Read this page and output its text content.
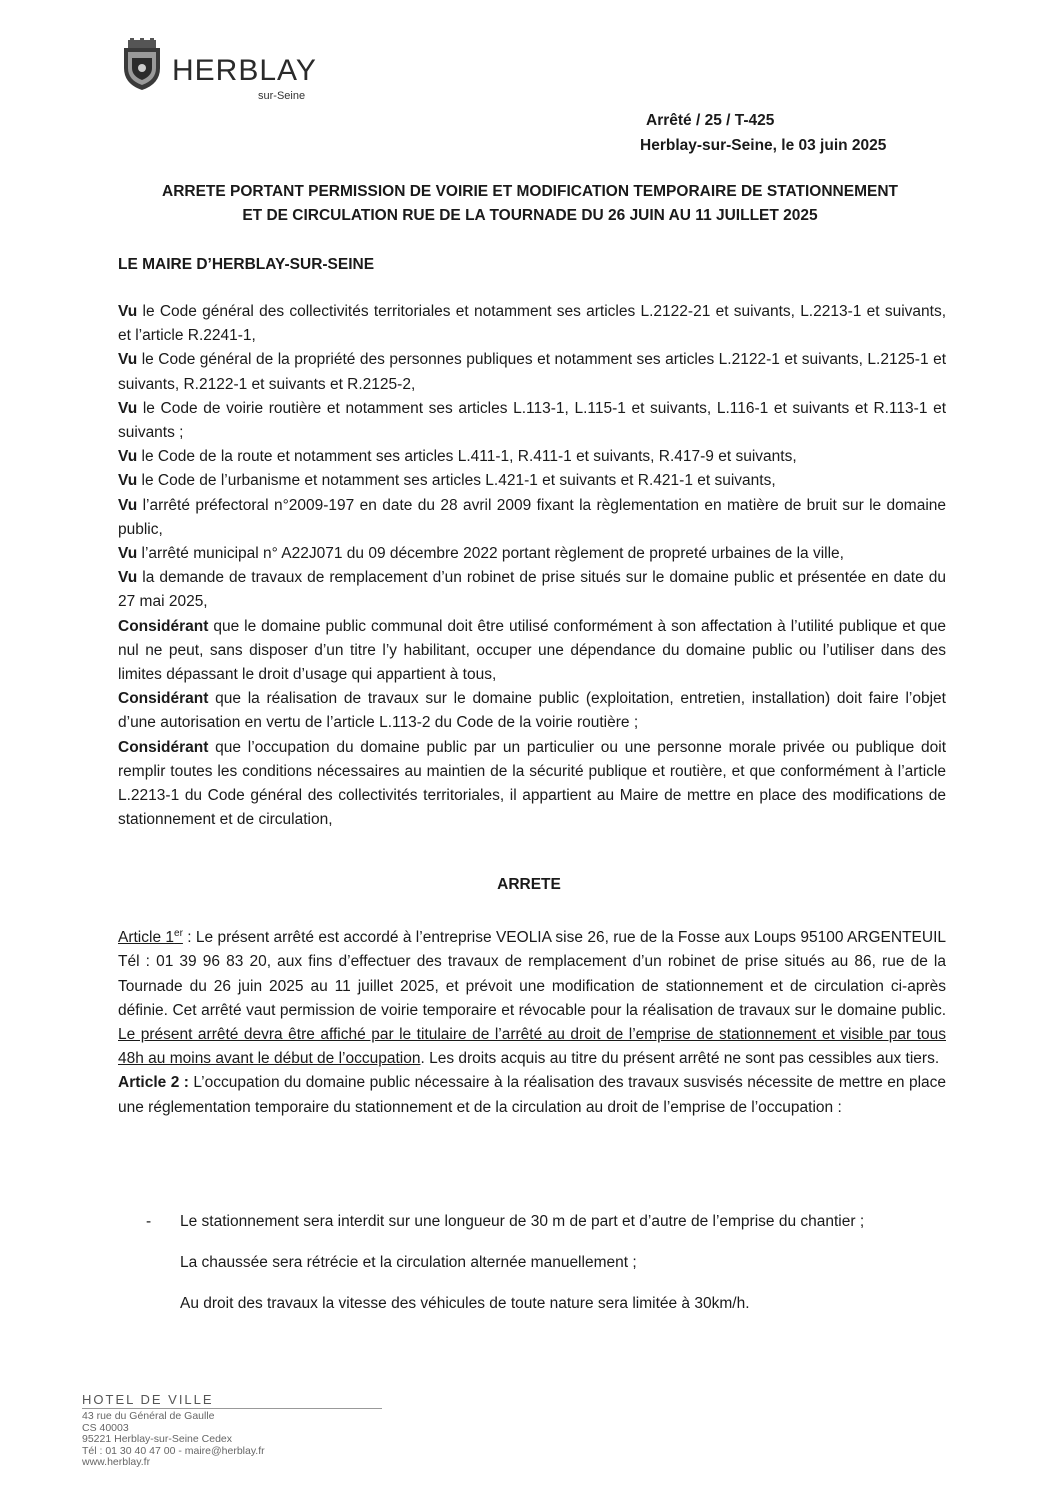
HERBLAY
sur-Seine
Arrêté / 25 / T-425
Herblay-sur-Seine, le 03 juin 2025
ARRETE PORTANT PERMISSION DE VOIRIE ET MODIFICATION TEMPORAIRE DE STATIONNEMENT
ET DE CIRCULATION RUE DE LA TOURNADE DU 26 JUIN AU 11 JUILLET 2025
LE MAIRE D’HERBLAY-SUR-SEINE

Vu le Code général des collectivités territoriales et notamment ses articles L.2122-21 et suivants, L.2213-1 et suivants, et l’article R.2241-1,

Vu le Code général de la propriété des personnes publiques et notamment ses articles L.2122-1 et suivants, L.2125-1 et suivants, R.2122-1 et suivants et R.2125-2,

Vu le Code de voirie routière et notamment ses articles L.113-1, L.115-1 et suivants, L.116-1 et suivants et R.113-1 et suivants ;

Vu le Code de la route et notamment ses articles L.411-1, R.411-1 et suivants, R.417-9 et suivants,

Vu le Code de l’urbanisme et notamment ses articles L.421-1 et suivants et R.421-1 et suivants,

Vu l’arrêté préfectoral n°2009-197 en date du 28 avril 2009 fixant la règlementation en matière de bruit sur le domaine public,

Vu l’arrêté municipal n° A22J071 du 09 décembre 2022 portant règlement de propreté urbaines de la ville,

Vu la demande de travaux de remplacement d’un robinet de prise situés sur le domaine public et présentée en date du 27 mai 2025,

Considérant que le domaine public communal doit être utilisé conformément à son affectation à l’utilité publique et que nul ne peut, sans disposer d’un titre l’y habilitant, occuper une dépendance du domaine public ou l’utiliser dans des limites dépassant le droit d’usage qui appartient à tous,

Considérant que la réalisation de travaux sur le domaine public (exploitation, entretien, installation) doit faire l’objet d’une autorisation en vertu de l’article L.113-2 du Code de la voirie routière ;

Considérant que l’occupation du domaine public par un particulier ou une personne morale privée ou publique doit remplir toutes les conditions nécessaires au maintien de la sécurité publique et routière, et que conformément à l’article L.2213-1 du Code général des collectivités territoriales, il appartient au Maire de mettre en place des modifications de stationnement et de circulation,

ARRETE

Article 1er : Le présent arrêté est accordé à l’entreprise VEOLIA sise 26, rue de la Fosse aux Loups 95100 ARGENTEUIL Tél : 01 39 96 83 20, aux fins d’effectuer des travaux de remplacement d’un robinet de prise situés au 86, rue de la Tournade du 26 juin 2025 au 11 juillet 2025, et prévoit une modification de stationnement et de circulation ci-après définie. Cet arrêté vaut permission de voirie temporaire et révocable pour la réalisation de travaux sur le domaine public. Le présent arrêté devra être affiché par le titulaire de l’arrêté au droit de l’emprise de stationnement et visible par tous 48h au moins avant le début de l’occupation. Les droits acquis au titre du présent arrêté ne sont pas cessibles aux tiers.

Article 2 : L’occupation du domaine public nécessaire à la réalisation des travaux susvisés nécessite de mettre en place une réglementation temporaire du stationnement et de la circulation au droit de l’emprise de l’occupation :

- Le stationnement sera interdit sur une longueur de 30 m de part et d’autre de l’emprise du chantier ;
La chaussée sera rétrécie et la circulation alternée manuellement ;
Au droit des travaux la vitesse des véhicules de toute nature sera limitée à 30km/h.
HOTEL DE VILLE
43 rue du Général de Gaulle
CS 40003
95221 Herblay-sur-Seine Cedex
Tél : 01 30 40 47 00 - maire@herblay.fr
www.herblay.fr
